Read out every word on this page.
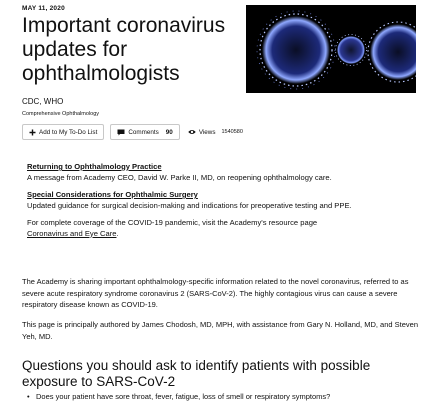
MAY 11, 2020
Important coronavirus updates for ophthalmologists
CDC, WHO
Comprehensive Ophthalmology
Add to My To-Do List	Comments 90	Views 1540580

Returning to Ophthalmology Practice

A message from Academy CEO, David W. Parke II, MD, on reopening ophthalmology care.

Special Considerations for Ophthalmic Surgery

Updated guidance for surgical decision-making and indications for preoperative testing and PPE.

For complete coverage of the COVID-19 pandemic, visit the Academy's resource page
Coronavirus and Eye Care.

The Academy is sharing important ophthalmology-specific information related to the novel coronavirus, referred to as severe acute respiratory syndrome coronavirus 2 (SARS-CoV-2). The highly contagious virus can cause a severe respiratory disease known as COVID-19.

This page is principally authored by James Chodosh, MD, MPH, with assistance from Gary N. Holland, MD, and Steven Yeh, MD.

Questions you should ask to identify patients with possible exposure to SARS-CoV-2
• Does your patient have sore throat, fever, fatigue, loss of smell or respiratory symptoms?
